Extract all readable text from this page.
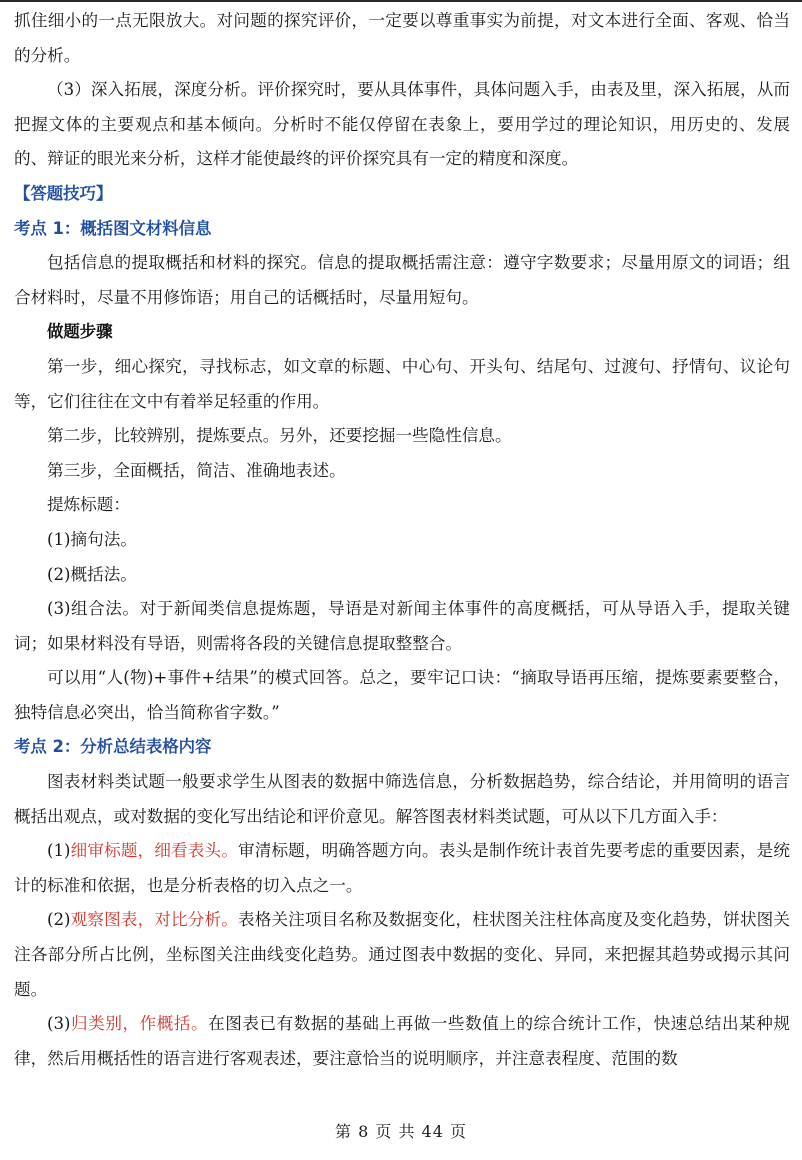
抓住细小的一点无限放大。对问题的探究评价，一定要以尊重事实为前提，对文本进行全面、客观、恰当的分析。

（3）深入拓展，深度分析。评价探究时，要从具体事件，具体问题入手，由表及里，深入拓展，从而把握文体的主要观点和基本倾向。分析时不能仅停留在表象上，要用学过的理论知识，用历史的、发展的、辩证的眼光来分析，这样才能使最终的评价探究具有一定的精度和深度。

【答题技巧】

考点 1：概括图文材料信息

包括信息的提取概括和材料的探究。信息的提取概括需注意：遵守字数要求；尽量用原文的词语；组合材料时，尽量不用修饰语；用自己的话概括时，尽量用短句。

做题步骤

第一步，细心探究，寻找标志，如文章的标题、中心句、开头句、结尾句、过渡句、抒情句、议论句等，它们往往在文中有着举足轻重的作用。

第二步，比较辨别，提炼要点。另外，还要挖掘一些隐性信息。

第三步，全面概括，简洁、准确地表述。

提炼标题：

(1)摘句法。

(2)概括法。

(3)组合法。对于新闻类信息提炼题，导语是对新闻主体事件的高度概括，可从导语入手，提取关键词；如果材料没有导语，则需将各段的关键信息提取整整合。

可以用“人(物)+事件+结果”的模式回答。总之，要牢记口诀：“摘取导语再压缩，提炼要素要整合，独特信息必突出，恰当简称省字数。”

考点 2：分析总结表格内容

图表材料类试题一般要求学生从图表的数据中筛选信息，分析数据趋势，综合结论，并用简明的语言概括出观点，或对数据的变化写出结论和评价意见。解答图表材料类试题，可从以下几方面入手：

(1)细审标题，细看表头。审清标题，明确答题方向。表头是制作统计表首先要考虑的重要因素，是统计的标准和依据，也是分析表格的切入点之一。

(2)观察图表，对比分析。表格关注项目名称及数据变化，柱状图关注柱体高度及变化趋势，饼状图关注各部分所占比例，坐标图关注曲线变化趋势。通过图表中数据的变化、异同，来把握其趋势或揭示其问题。

(3)归类别，作概括。在图表已有数据的基础上再做一些数值上的综合统计工作，快速总结出某种规律，然后用概括性的语言进行客观表述，要注意恰当的说明顺序，并注意表程度、范围的数

第 8 页 共 44 页
